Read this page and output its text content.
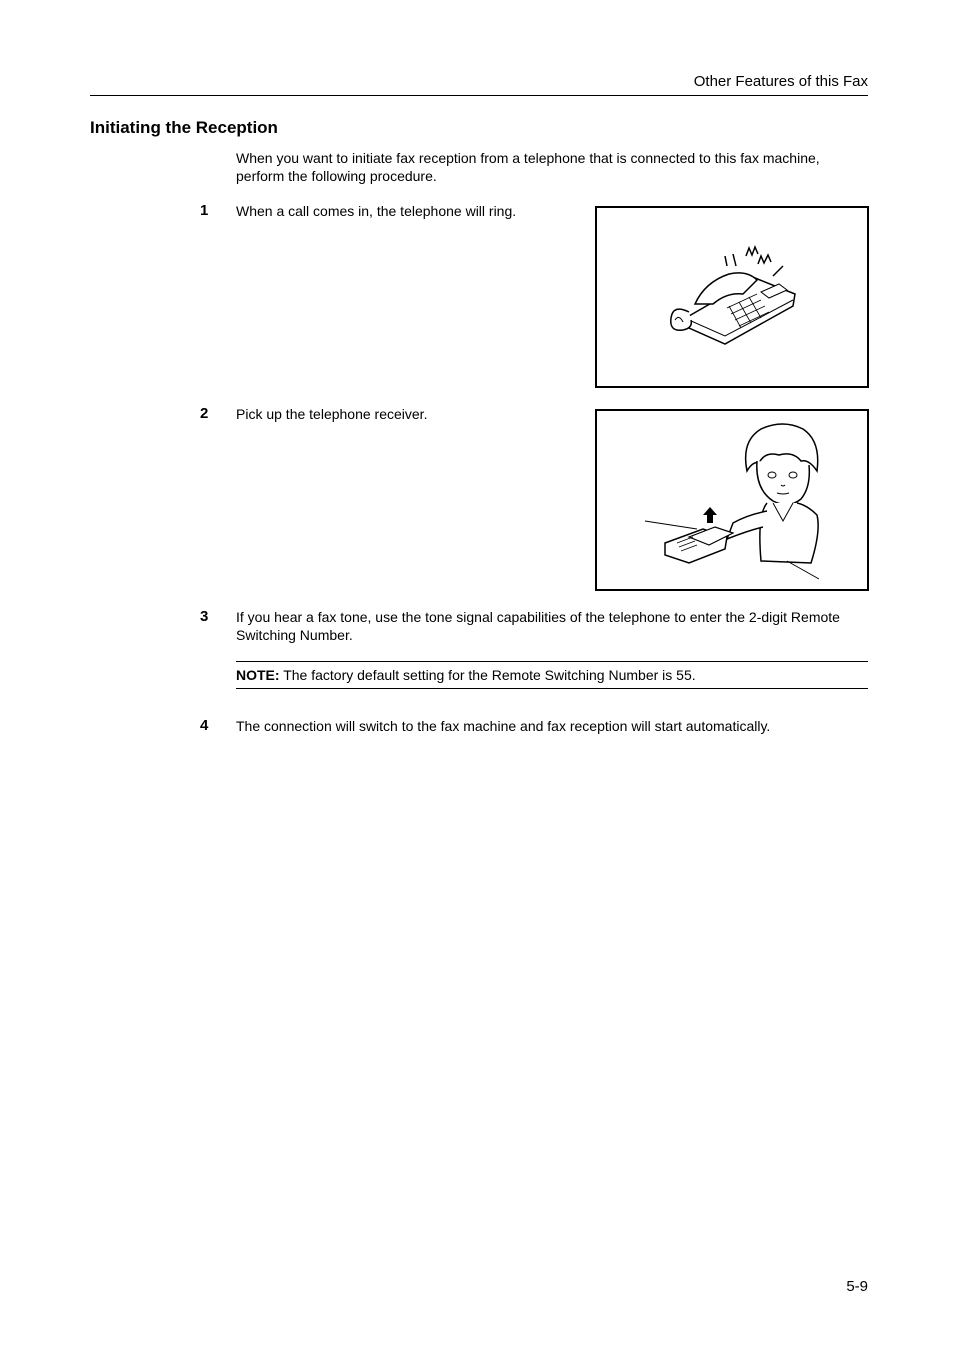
Other Features of this Fax
Initiating the Reception
When you want to initiate fax reception from a telephone that is connected to this fax machine, perform the following procedure.
1 When a call comes in, the telephone will ring.
2 Pick up the telephone receiver.
3 If you hear a fax tone, use the tone signal capabilities of the telephone to enter the 2-digit Remote Switching Number.
NOTE: The factory default setting for the Remote Switching Number is 55.
4 The connection will switch to the fax machine and fax reception will start automatically.
5-9
